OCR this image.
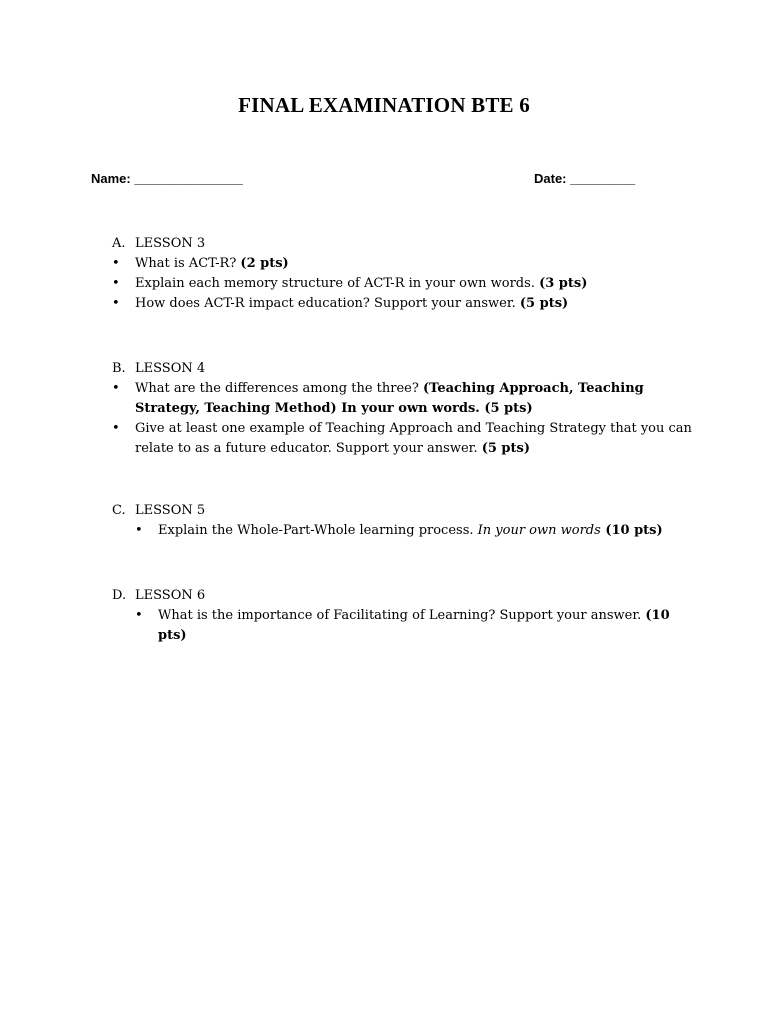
FINAL EXAMINATION BTE 6
Name: _______________	Date: _________
A. LESSON 3
• What is ACT-R? (2 pts)
• Explain each memory structure of ACT-R in your own words. (3 pts)
• How does ACT-R impact education? Support your answer. (5 pts)
B. LESSON 4
• What are the differences among the three? (Teaching Approach, Teaching Strategy, Teaching Method) In your own words. (5 pts)
• Give at least one example of Teaching Approach and Teaching Strategy that you can relate to as a future educator. Support your answer. (5 pts)
C. LESSON 5
• Explain the Whole-Part-Whole learning process. In your own words (10 pts)
D. LESSON 6
• What is the importance of Facilitating of Learning? Support your answer. (10 pts)
